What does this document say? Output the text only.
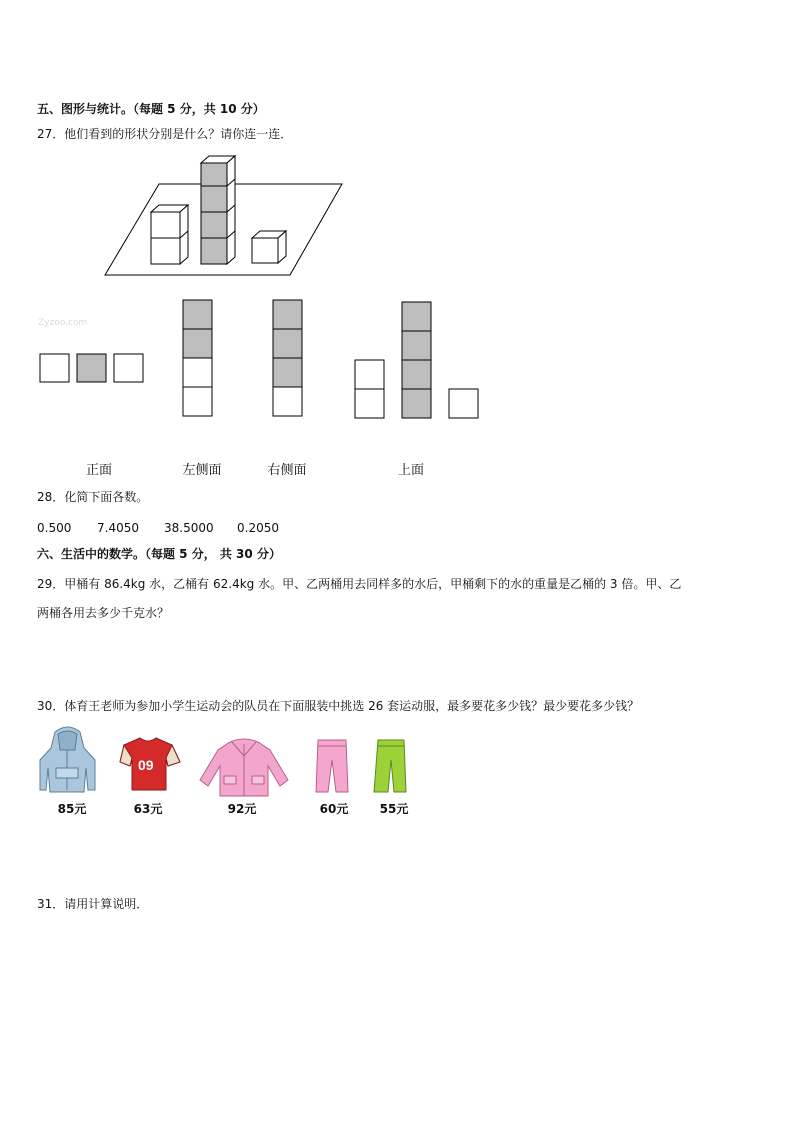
五、图形与统计。（每题 5 分，共 10 分）
27．他们看到的形状分别是什么？请你连一连．
Zyzoo.com
正面	左侧面	右侧面	上面
28．化简下面各数。
0.500 7.4050 38.5000 0.2050
六、生活中的数学。（每题 5 分， 共 30 分）
29．甲桶有 86.4kg 水，乙桶有 62.4kg 水。甲、乙两桶用去同样多的水后，甲桶剩下的水的重量是乙桶的 3 倍。甲、乙
两桶各用去多少千克水？
30．体育王老师为参加小学生运动会的队员在下面服装中挑选 26 套运动服，最多要花多少钱？最少要花多少钱？
09
85元	63元	92元	60元	55元
31．请用计算说明．
